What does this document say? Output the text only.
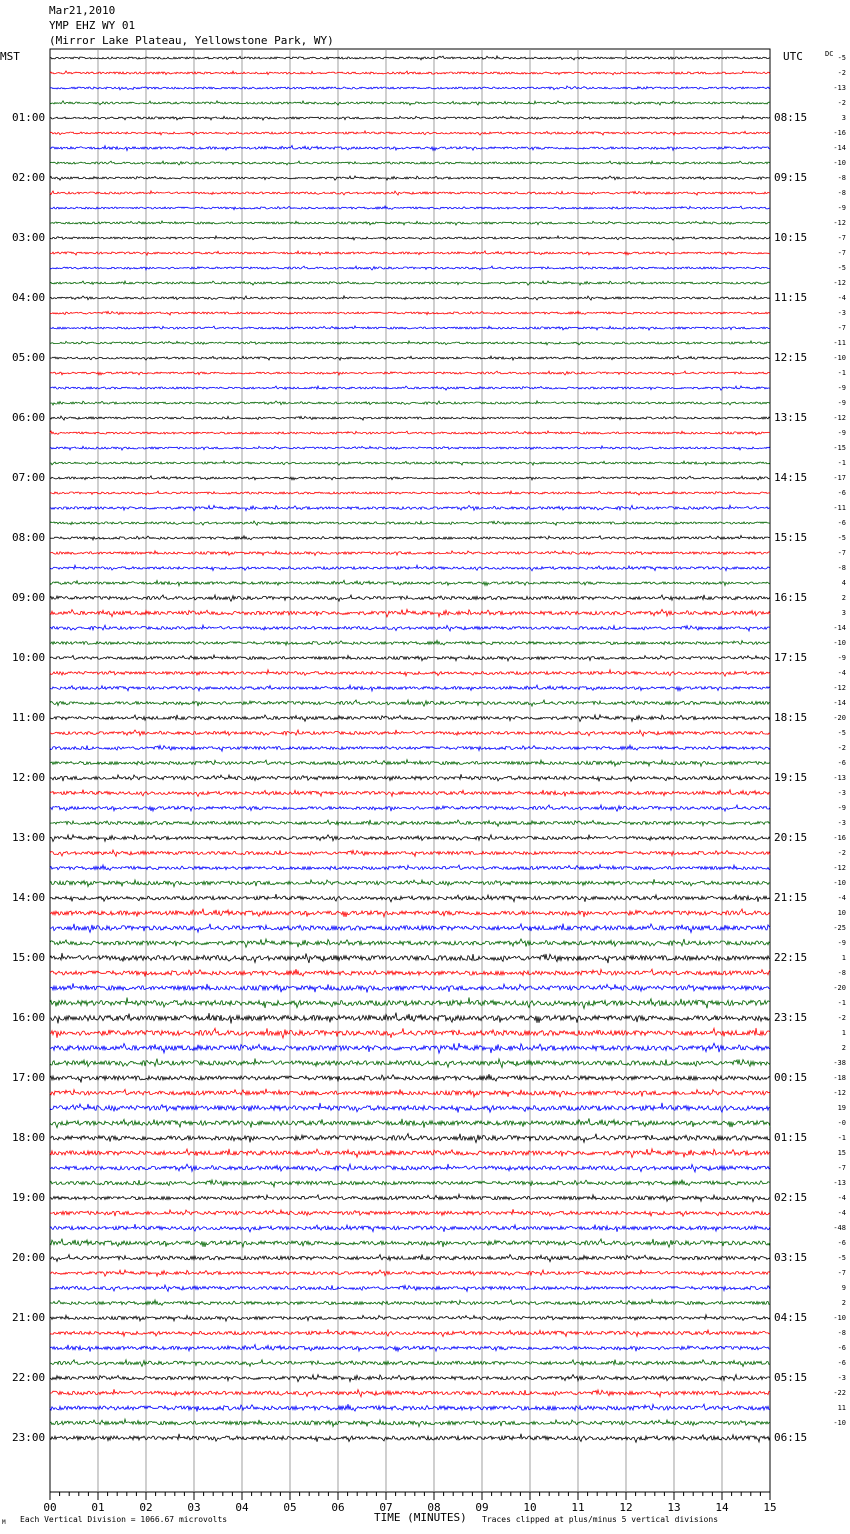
Mar21,2010
YMP EHZ WY 01
(Mirror Lake Plateau, Yellowstone Park, WY)
MST	UTC	DC
01:00
02:00
03:00
04:00
05:00
06:00
07:00
08:00
09:00
10:00
11:00
12:00
13:00
14:00
15:00
16:00
17:00
18:00
19:00
20:00
21:00
22:00
23:00
08:15
09:15
10:15
11:15
12:15
13:15
14:15
15:15
16:15
17:15
18:15
19:15
20:15
21:15
22:15
23:15
00:15
01:15
02:15
03:15
04:15
05:15
06:15
-5
-2
-13
-2
3
-16
-14
-10
-8
-8
-9
-12
-7
-7
-5
-12
-4
-3
-7
-11
-10
-1
-9
-9
-12
-9
-15
-1
-17
-6
-11
-6
-5
-7
-8
4
2
3
-14
-10
-9
-4
-12
-14
-20
-5
-2
-6
-13
-3
-9
-3
-16
-2
-12
-10
-4
10
-25
-9
1
-8
-20
-1
-2
1
2
-38
-18
-12
19
-0
-1
15
-7
-13
-4
-4
-48
-6
-5
-7
9
2
-10
-8
-6
-6
-3
-22
11
-10
00	01	02	03	04	05	06	07	08	09	10	11	12	13	14	15
TIME (MINUTES)
M Each Vertical Division = 1066.67 microvolts	Traces clipped at plus/minus 5 vertical divisions
